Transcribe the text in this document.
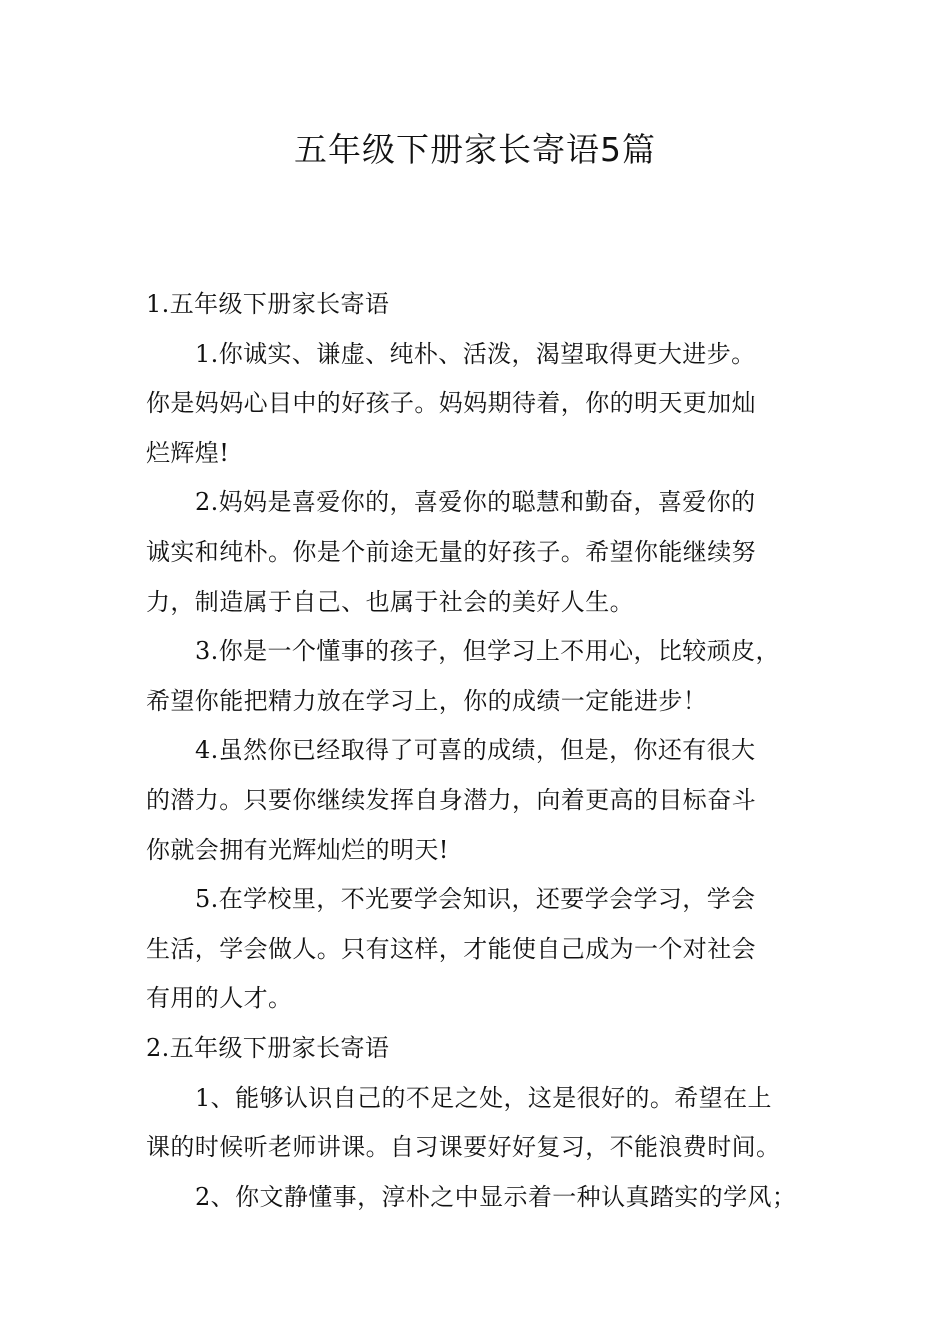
五年级下册家长寄语5篇
1.五年级下册家长寄语
1.你诚实、谦虚、纯朴、活泼，渴望取得更大进步。
你是妈妈心目中的好孩子。妈妈期待着，你的明天更加灿
烂辉煌!
2.妈妈是喜爱你的，喜爱你的聪慧和勤奋，喜爱你的
诚实和纯朴。你是个前途无量的好孩子。希望你能继续努
力，制造属于自己、也属于社会的美好人生。
3.你是一个懂事的孩子，但学习上不用心，比较顽皮，
希望你能把精力放在学习上，你的成绩一定能进步！
4.虽然你已经取得了可喜的成绩，但是，你还有很大
的潜力。只要你继续发挥自身潜力，向着更高的目标奋斗
你就会拥有光辉灿烂的明天!
5.在学校里，不光要学会知识，还要学会学习，学会
生活，学会做人。只有这样，才能使自己成为一个对社会
有用的人才。
2.五年级下册家长寄语
1、能够认识自己的不足之处，这是很好的。希望在上
课的时候听老师讲课。自习课要好好复习，不能浪费时间。
2、你文静懂事，淳朴之中显示着一种认真踏实的学风；
